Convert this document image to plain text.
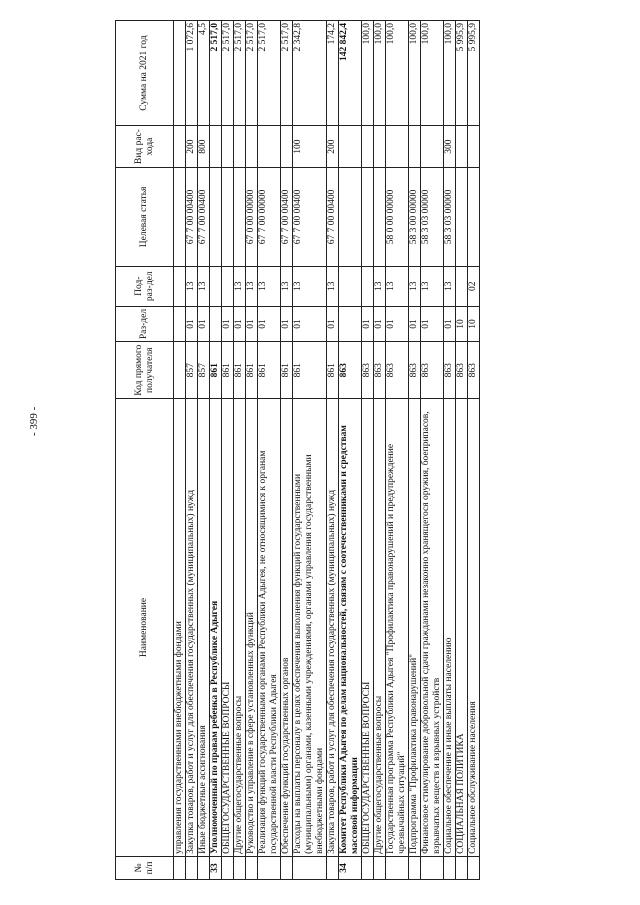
- 399 -
№ п/п	Наименование	Код прямого получателя	Раз-дел	Под-раз-дел	Целевая статья	Вид рас-хода	Сумма на 2021 год
	управления государственными внебюджетными фондами						
	Закупка товаров, работ и услуг для обеспечения государственных (муниципальных) нужд	857	01	13	67 7 00 00400	200	1 072,6
	Иные бюджетные ассигнования	857	01	13	67 7 00 00400	800	4,5
33	Уполномоченный по правам ребенка в Республике Адыгея	861					2 517,0
	ОБЩЕГОСУДАРСТВЕННЫЕ ВОПРОСЫ	861	01				2 517,0
	Другие общегосударственные вопросы	861	01	13			2 517,0
	Руководство и управление в сфере установленных функций	861	01	13	67 0 00 00000		2 517,0
	Реализация функций государственными органами Республики Адыгея, не относящимися к органам государственной власти Республики Адыгея	861	01	13	67 7 00 00000		2 517,0
	Обеспечение функций государственных органов	861	01	13	67 7 00 00400		2 517,0
	Расходы на выплаты персоналу в целях обеспечения выполнения функций государственными (муниципальными) органами, казенными учреждениями, органами управления государственными внебюджетными фондами	861	01	13	67 7 00 00400	100	2 342,8
	Закупка товаров, работ и услуг для обеспечения государственных (муниципальных) нужд	861	01	13	67 7 00 00400	200	174,2
34	Комитет Республики Адыгея по делам национальностей, связям с соотечественниками и средствам массовой информации	863					142 842,4
	ОБЩЕГОСУДАРСТВЕННЫЕ ВОПРОСЫ	863	01				100,0
	Другие общегосударственные вопросы	863	01	13			100,0
	Государственная программа Республики Адыгея "Профилактика правонарушений и предупреждение чрезвычайных ситуаций"	863	01	13	58 0 00 00000		100,0
	Подпрограмма "Профилактика правонарушений"	863	01	13	58 3 00 00000		100,0
	Финансовое стимулирование добровольной сдачи гражданами незаконно хранящегося оружия, боеприпасов, взрывчатых веществ и взрывных устройств	863	01	13	58 3 03 00000		100,0
	Социальное обеспечение и иные выплаты населению	863	01	13	58 3 03 00000	300	100,0
	СОЦИАЛЬНАЯ ПОЛИТИКА	863	10				5 995,9
	Социальное обслуживание населения	863	10	02			5 995,9
